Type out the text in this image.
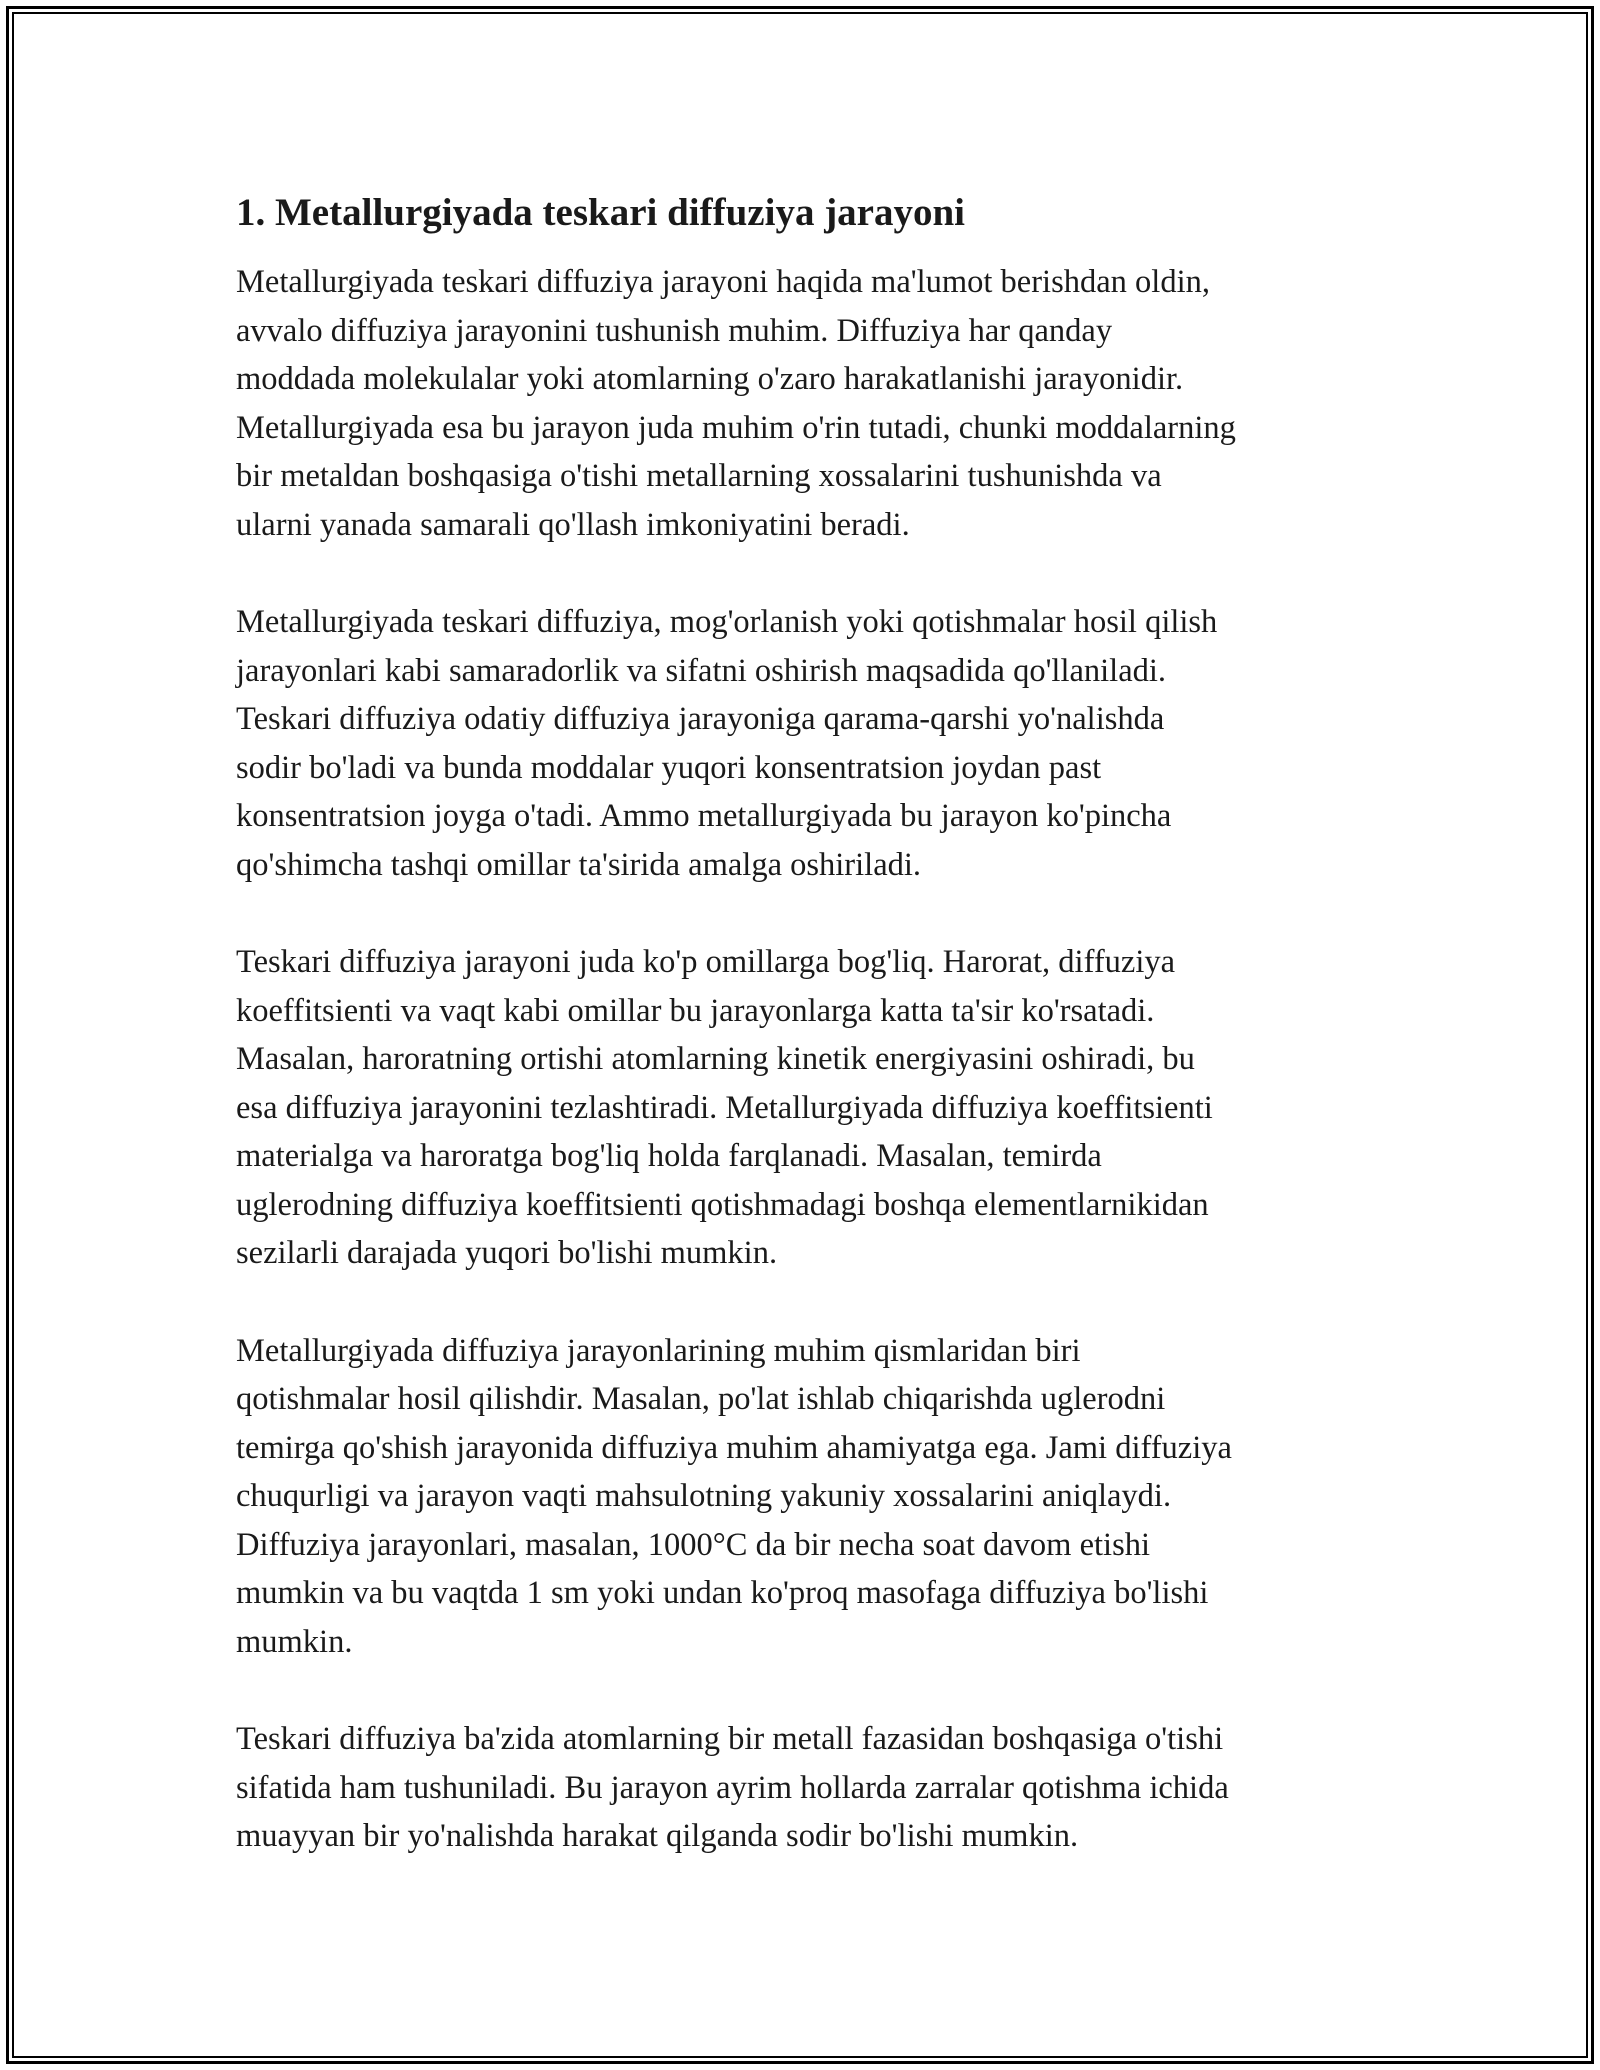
1. Metallurgiyada teskari diffuziya jarayoni

Metallurgiyada teskari diffuziya jarayoni haqida ma'lumot berishdan oldin,
avvalo diffuziya jarayonini tushunish muhim. Diffuziya har qanday
moddada molekulalar yoki atomlarning o'zaro harakatlanishi jarayonidir.
Metallurgiyada esa bu jarayon juda muhim o'rin tutadi, chunki moddalarning
bir metaldan boshqasiga o'tishi metallarning xossalarini tushunishda va
ularni yanada samarali qo'llash imkoniyatini beradi.

Metallurgiyada teskari diffuziya, mog'orlanish yoki qotishmalar hosil qilish
jarayonlari kabi samaradorlik va sifatni oshirish maqsadida qo'llaniladi.
Teskari diffuziya odatiy diffuziya jarayoniga qarama-qarshi yo'nalishda
sodir bo'ladi va bunda moddalar yuqori konsentratsion joydan past
konsentratsion joyga o'tadi. Ammo metallurgiyada bu jarayon ko'pincha
qo'shimcha tashqi omillar ta'sirida amalga oshiriladi.

Teskari diffuziya jarayoni juda ko'p omillarga bog'liq. Harorat, diffuziya
koeffitsienti va vaqt kabi omillar bu jarayonlarga katta ta'sir ko'rsatadi.
Masalan, haroratning ortishi atomlarning kinetik energiyasini oshiradi, bu
esa diffuziya jarayonini tezlashtiradi. Metallurgiyada diffuziya koeffitsienti
materialga va haroratga bog'liq holda farqlanadi. Masalan, temirda
uglerodning diffuziya koeffitsienti qotishmadagi boshqa elementlarnikidan
sezilarli darajada yuqori bo'lishi mumkin.

Metallurgiyada diffuziya jarayonlarining muhim qismlaridan biri
qotishmalar hosil qilishdir. Masalan, po'lat ishlab chiqarishda uglerodni
temirga qo'shish jarayonida diffuziya muhim ahamiyatga ega. Jami diffuziya
chuqurligi va jarayon vaqti mahsulotning yakuniy xossalarini aniqlaydi.
Diffuziya jarayonlari, masalan, 1000°C da bir necha soat davom etishi
mumkin va bu vaqtda 1 sm yoki undan ko'proq masofaga diffuziya bo'lishi
mumkin.

Teskari diffuziya ba'zida atomlarning bir metall fazasidan boshqasiga o'tishi
sifatida ham tushuniladi. Bu jarayon ayrim hollarda zarralar qotishma ichida
muayyan bir yo'nalishda harakat qilganda sodir bo'lishi mumkin.
